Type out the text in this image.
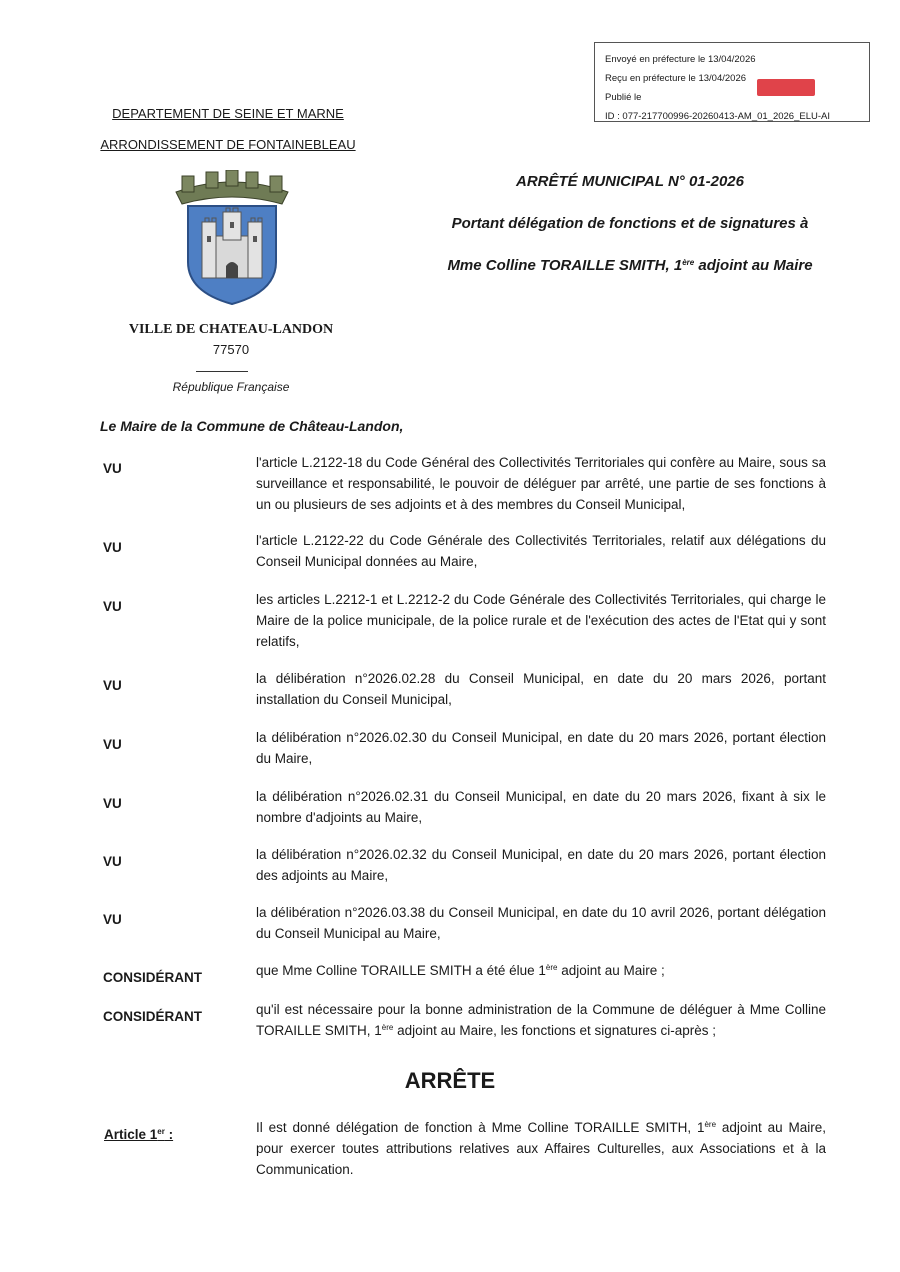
Envoyé en préfecture le 13/04/2026
Reçu en préfecture le 13/04/2026
Publié le
ID : 077-217700996-20260413-AM_01_2026_ELU-AI
DEPARTEMENT DE SEINE ET MARNE
ARRONDISSEMENT DE FONTAINEBLEAU
VILLE DE CHATEAU-LANDON
77570
République Française
ARRÊTÉ MUNICIPAL N° 01-2026
Portant délégation de fonctions et de signatures à
Mme Colline TORAILLE SMITH, 1ère adjoint au Maire
Le Maire de la Commune de Château-Landon,
VU	l'article L.2122-18 du Code Général des Collectivités Territoriales qui confère au Maire, sous sa surveillance et responsabilité, le pouvoir de déléguer par arrêté, une partie de ses fonctions à un ou plusieurs de ses adjoints et à des membres du Conseil Municipal,
VU	l'article L.2122-22 du Code Générale des Collectivités Territoriales, relatif aux délégations du Conseil Municipal données au Maire,
VU	les articles L.2212-1 et L.2212-2 du Code Générale des Collectivités Territoriales, qui charge le Maire de la police municipale, de la police rurale et de l'exécution des actes de l'Etat qui y sont relatifs,
VU	la délibération n°2026.02.28 du Conseil Municipal, en date du 20 mars 2026, portant installation du Conseil Municipal,
VU	la délibération n°2026.02.30 du Conseil Municipal, en date du 20 mars 2026, portant élection du Maire,
VU	la délibération n°2026.02.31 du Conseil Municipal, en date du 20 mars 2026, fixant à six le nombre d'adjoints au Maire,
VU	la délibération n°2026.02.32 du Conseil Municipal, en date du 20 mars 2026, portant élection des adjoints au Maire,
VU	la délibération n°2026.03.38 du Conseil Municipal, en date du 10 avril 2026, portant délégation du Conseil Municipal au Maire,
CONSIDÉRANT	que Mme Colline TORAILLE SMITH a été élue 1ère adjoint au Maire ;
CONSIDÉRANT	qu'il est nécessaire pour la bonne administration de la Commune de déléguer à Mme Colline TORAILLE SMITH, 1ère adjoint au Maire, les fonctions et signatures ci-après ;
ARRÊTE
Article 1er :	Il est donné délégation de fonction à Mme Colline TORAILLE SMITH, 1ère adjoint au Maire, pour exercer toutes attributions relatives aux Affaires Culturelles, aux Associations et à la Communication.
